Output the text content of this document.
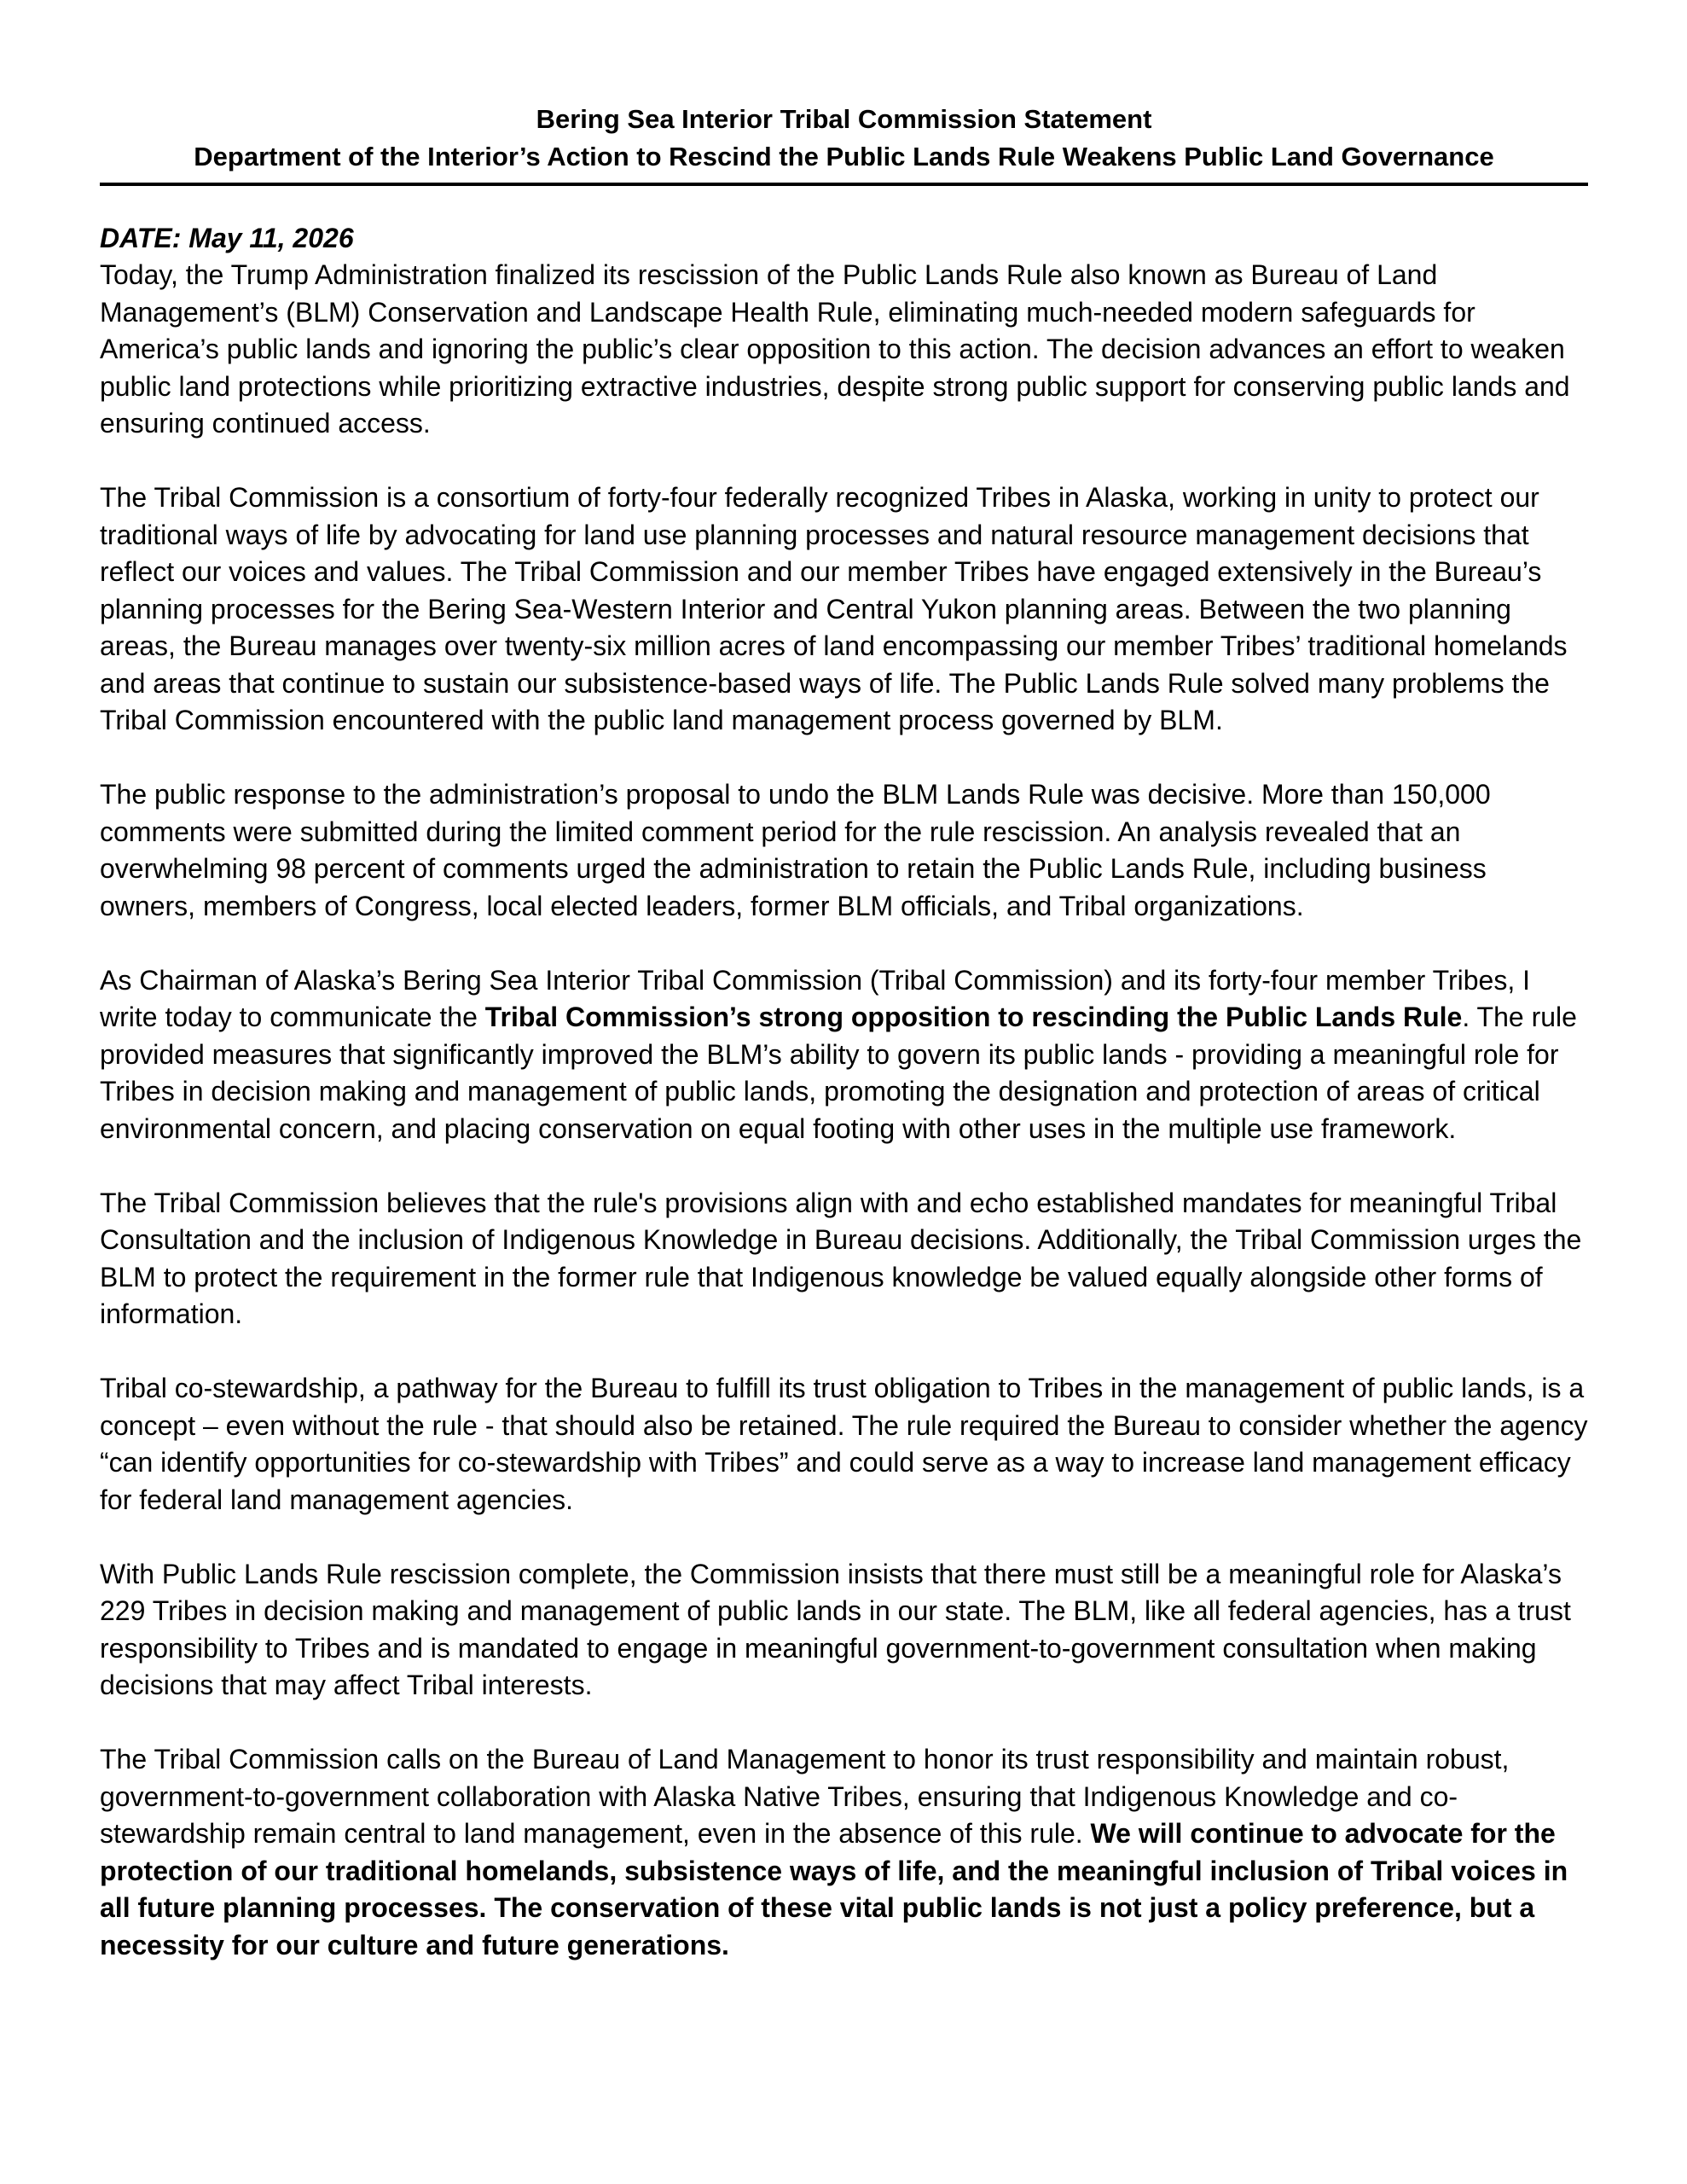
Bering Sea Interior Tribal Commission Statement
Department of the Interior’s Action to Rescind the Public Lands Rule Weakens Public Land Governance
DATE: May 11, 2026

Today, the Trump Administration finalized its rescission of the Public Lands Rule also known as Bureau of Land Management’s (BLM) Conservation and Landscape Health Rule, eliminating much-needed modern safeguards for America’s public lands and ignoring the public’s clear opposition to this action. The decision advances an effort to weaken public land protections while prioritizing extractive industries, despite strong public support for conserving public lands and ensuring continued access.

The Tribal Commission is a consortium of forty-four federally recognized Tribes in Alaska, working in unity to protect our traditional ways of life by advocating for land use planning processes and natural resource management decisions that reflect our voices and values. The Tribal Commission and our member Tribes have engaged extensively in the Bureau’s planning processes for the Bering Sea-Western Interior and Central Yukon planning areas. Between the two planning areas, the Bureau manages over twenty-six million acres of land encompassing our member Tribes’ traditional homelands and areas that continue to sustain our subsistence-based ways of life. The Public Lands Rule solved many problems the Tribal Commission encountered with the public land management process governed by BLM.

The public response to the administration’s proposal to undo the BLM Lands Rule was decisive. More than 150,000 comments were submitted during the limited comment period for the rule rescission. An analysis revealed that an overwhelming 98 percent of comments urged the administration to retain the Public Lands Rule, including business owners, members of Congress, local elected leaders, former BLM officials, and Tribal organizations.

As Chairman of Alaska’s Bering Sea Interior Tribal Commission (Tribal Commission) and its forty-four member Tribes, I write today to communicate the Tribal Commission’s strong opposition to rescinding the Public Lands Rule. The rule provided measures that significantly improved the BLM’s ability to govern its public lands - providing a meaningful role for Tribes in decision making and management of public lands, promoting the designation and protection of areas of critical environmental concern, and placing conservation on equal footing with other uses in the multiple use framework.

The Tribal Commission believes that the rule's provisions align with and echo established mandates for meaningful Tribal Consultation and the inclusion of Indigenous Knowledge in Bureau decisions. Additionally, the Tribal Commission urges the BLM to protect the requirement in the former rule that Indigenous knowledge be valued equally alongside other forms of information.

Tribal co-stewardship, a pathway for the Bureau to fulfill its trust obligation to Tribes in the management of public lands, is a concept – even without the rule - that should also be retained. The rule required the Bureau to consider whether the agency “can identify opportunities for co-stewardship with Tribes” and could serve as a way to increase land management efficacy for federal land management agencies.

With Public Lands Rule rescission complete, the Commission insists that there must still be a meaningful role for Alaska’s 229 Tribes in decision making and management of public lands in our state. The BLM, like all federal agencies, has a trust responsibility to Tribes and is mandated to engage in meaningful government-to-government consultation when making decisions that may affect Tribal interests.

The Tribal Commission calls on the Bureau of Land Management to honor its trust responsibility and maintain robust, government-to-government collaboration with Alaska Native Tribes, ensuring that Indigenous Knowledge and co-stewardship remain central to land management, even in the absence of this rule. We will continue to advocate for the protection of our traditional homelands, subsistence ways of life, and the meaningful inclusion of Tribal voices in all future planning processes. The conservation of these vital public lands is not just a policy preference, but a necessity for our culture and future generations.
